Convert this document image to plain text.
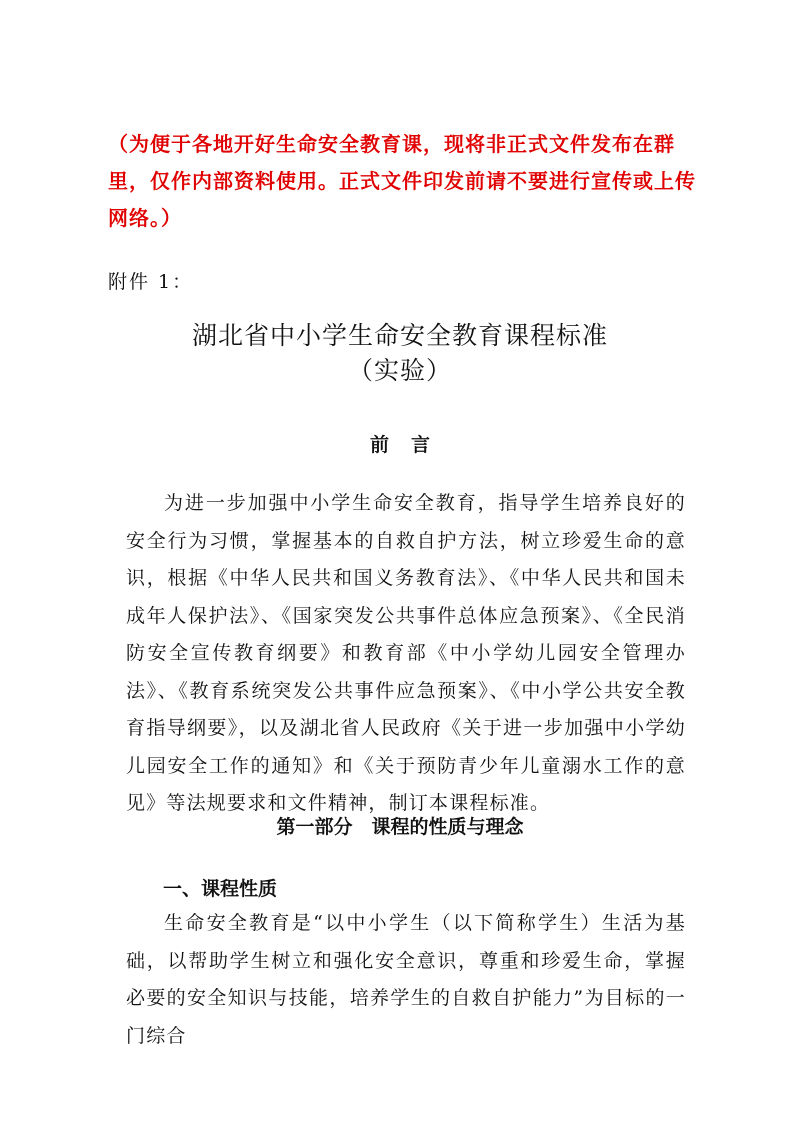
（为便于各地开好生命安全教育课，现将非正式文件发布在群里，仅作内部资料使用。正式文件印发前请不要进行宣传或上传网络。）
附件 1：
湖北省中小学生命安全教育课程标准
（实验）
前言

为进一步加强中小学生命安全教育，指导学生培养良好的安全行为习惯，掌握基本的自救自护方法，树立珍爱生命的意识，根据《中华人民共和国义务教育法》、《中华人民共和国未成年人保护法》、《国家突发公共事件总体应急预案》、《全民消防安全宣传教育纲要》和教育部《中小学幼儿园安全管理办法》、《教育系统突发公共事件应急预案》、《中小学公共安全教育指导纲要》，以及湖北省人民政府《关于进一步加强中小学幼儿园安全工作的通知》和《关于预防青少年儿童溺水工作的意见》等法规要求和文件精神，制订本课程标准。

第一部分　课程的性质与理念
一、课程性质

生命安全教育是“以中小学生（以下简称学生）生活为基础，以帮助学生树立和强化安全意识，尊重和珍爱生命，掌握必要的安全知识与技能，培养学生的自救自护能力”为目标的一门综合
